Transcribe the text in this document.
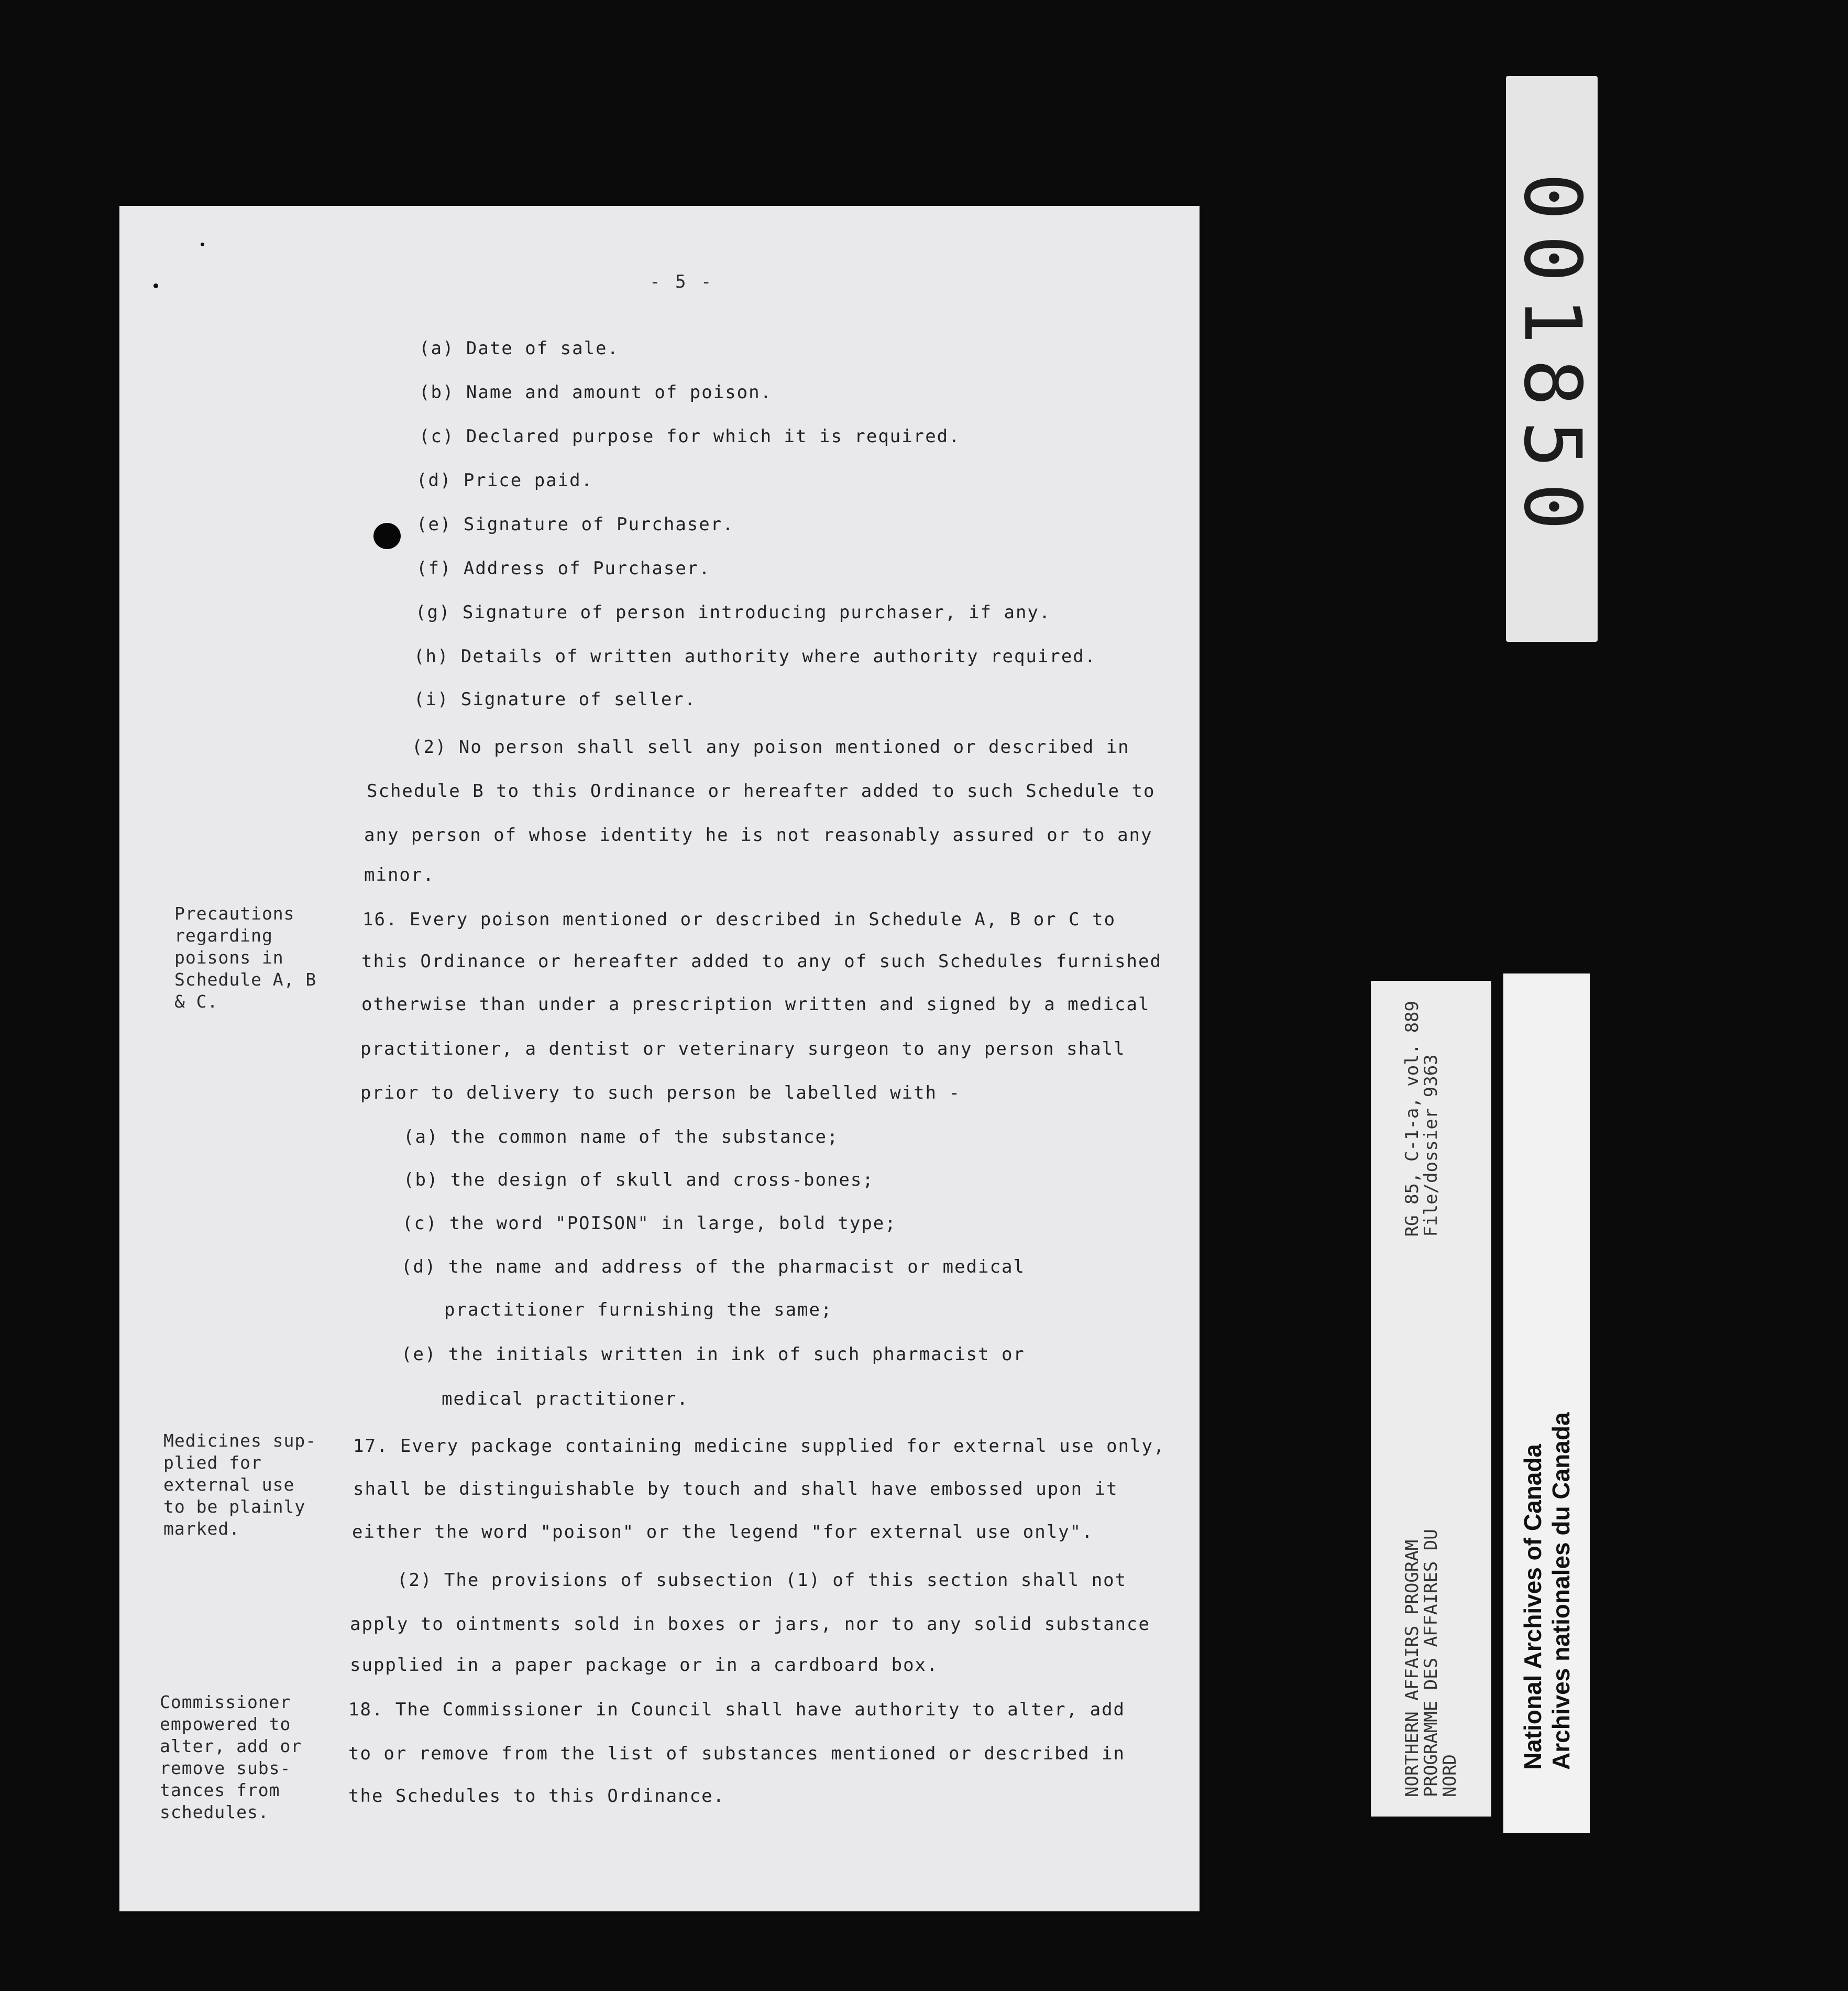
- 5 -
(a) Date of sale.
(b) Name and amount of poison.
(c) Declared purpose for which it is required.
(d) Price paid.
(e) Signature of Purchaser.
(f) Address of Purchaser.
(g) Signature of person introducing purchaser, if any.
(h) Details of written authority where authority required.
(i) Signature of seller.
(2) No person shall sell any poison mentioned or described in
Schedule B to this Ordinance or hereafter added to such Schedule to
any person of whose identity he is not reasonably assured or to any
minor.
Precautions
regarding
poisons in
Schedule A, B
& C.
16. Every poison mentioned or described in Schedule A, B or C to
this Ordinance or hereafter added to any of such Schedules furnished
otherwise than under a prescription written and signed by a medical
practitioner, a dentist or veterinary surgeon to any person shall
prior to delivery to such person be labelled with -
(a) the common name of the substance;
(b) the design of skull and cross-bones;
(c) the word "POISON" in large, bold type;
(d) the name and address of the pharmacist or medical
practitioner furnishing the same;
(e) the initials written in ink of such pharmacist or
medical practitioner.
Medicines sup-
plied for
external use
to be plainly
marked.
17. Every package containing medicine supplied for external use only,
shall be distinguishable by touch and shall have embossed upon it
either the word "poison" or the legend "for external use only".
(2) The provisions of subsection (1) of this section shall not
apply to ointments sold in boxes or jars, nor to any solid substance
supplied in a paper package or in a cardboard box.
Commissioner
empowered to
alter, add or
remove subs-
tances from
schedules.
18. The Commissioner in Council shall have authority to alter, add
to or remove from the list of substances mentioned or described in
the Schedules to this Ordinance.
001850
NORTHERN AFFAIRS PROGRAM
PROGRAMME DES AFFAIRES DU
NORD
RG 85, C-1-a, vol. 889
File/dossier 9363
National Archives of Canada Archives nationales du Canada
